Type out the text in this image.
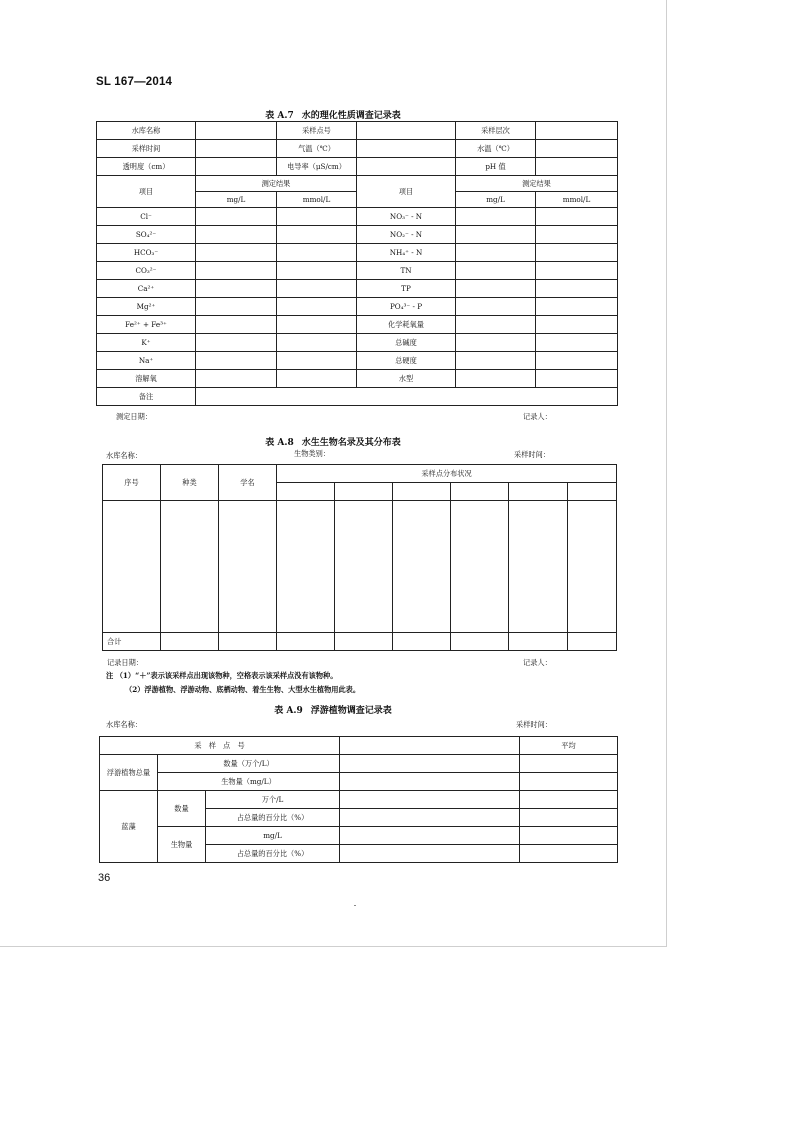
SL 167—2014
表 A.7 水的理化性质调查记录表
水库名称		采样点号		采样层次	
采样时间		气温（℃）		水温（℃）	
透明度（cm）		电导率（μS/cm）		pH 值	
项目	测定结果		项目	测定结果	
	mg/L	mmol/L		mg/L	mmol/L
Cl⁻			NO₃⁻ - N		
SO₄²⁻			NO₂⁻ - N		
HCO₃⁻			NH₄⁺ - N		
CO₃²⁻			TN		
Ca²⁺			TP		
Mg²⁺			PO₄³⁻ - P		
Fe²⁺ + Fe³⁺			化学耗氧量		
K⁺			总碱度		
Na⁺			总硬度		
溶解氧			水型		
备注					
测定日期：	记录人：
表 A.8 水生生物名录及其分布表
水库名称：	生物类别：	采样时间：
序号	种类	学名	采样点分布状况					

合计								
记录日期：	记录人：
注 （1）“＋”表示该采样点出现该物种，空格表示该采样点没有该物种。
（2）浮游植物、浮游动物、底栖动物、着生生物、大型水生植物用此表。
表 A.9 浮游植物调查记录表
水库名称：	采样时间：
采　样　点　号				平均
浮游植物总量	数量（万个/L）			
	生物量（mg/L）			
蓝藻	数量	万个/L		
		占总量的百分比（%）		
	生物量	mg/L		
		占总量的百分比（%）		
36
